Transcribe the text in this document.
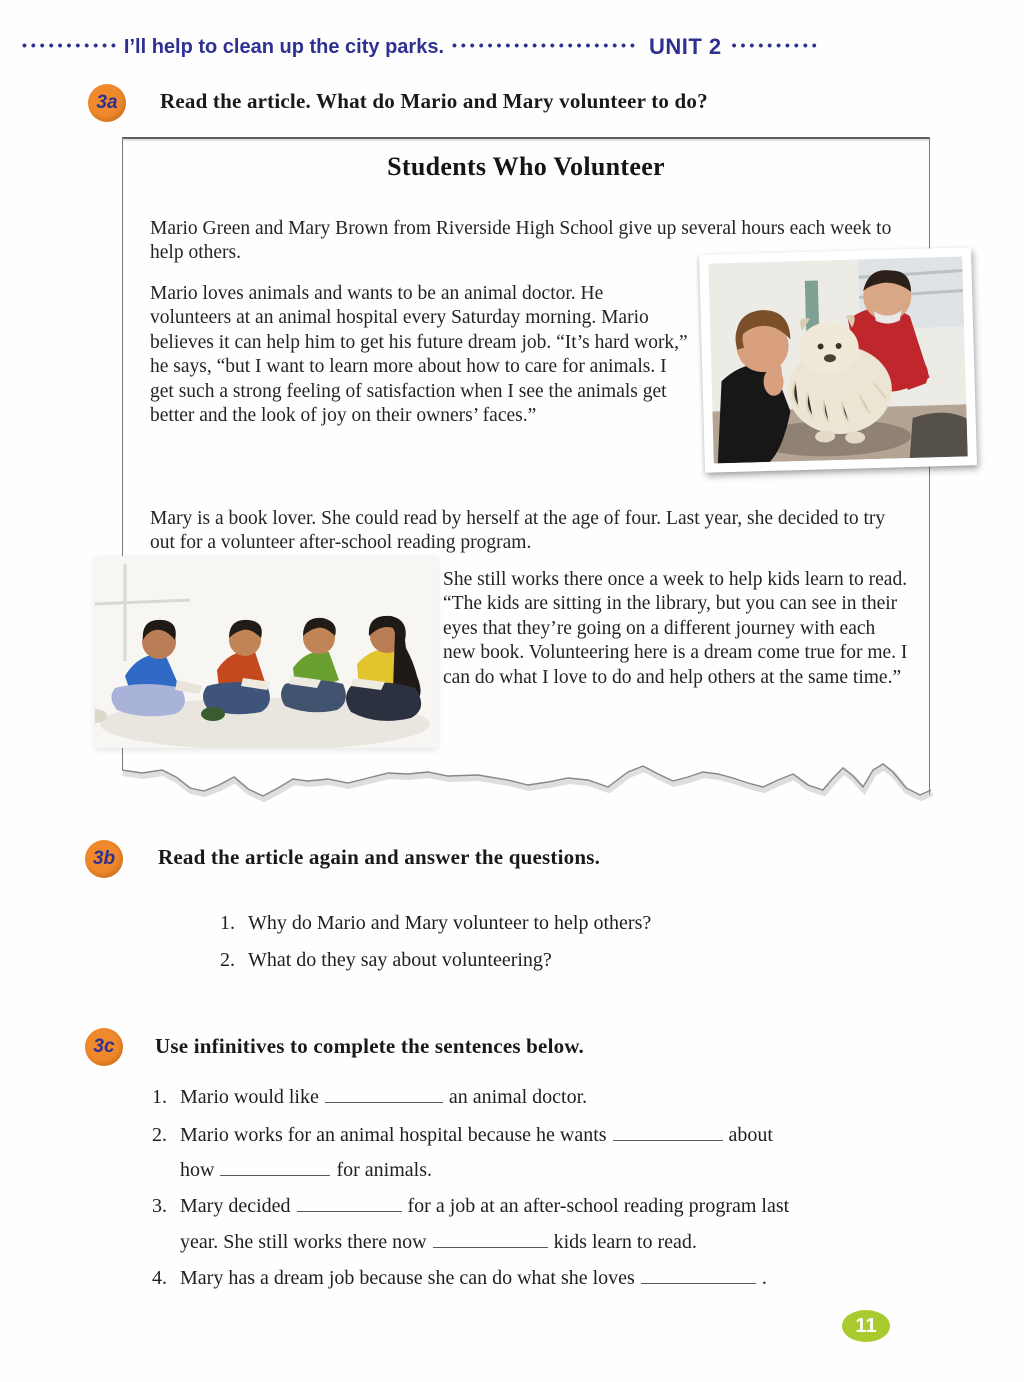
••••••••••• I’ll help to clean up the city parks. ••••••••••••••••••••• UNIT 2 ••••••••••
3a	Read the article. What do Mario and Mary volunteer to do?
Students Who Volunteer

Mario Green and Mary Brown from Riverside High School give up several hours each week to help others.

Mario loves animals and wants to be an animal doctor. He volunteers at an animal hospital every Saturday morning. Mario believes it can help him to get his future dream job. “It’s hard work,” he says, “but I want to learn more about how to care for animals. I get such a strong feeling of satisfaction when I see the animals get better and the look of joy on their owners’ faces.”

Mary is a book lover. She could read by herself at the age of four. Last year, she decided to try out for a volunteer after-school reading program.

She still works there once a week to help kids learn to read. “The kids are sitting in the library, but you can see in their eyes that they’re going on a different journey with each new book. Volunteering here is a dream come true for me. I can do what I love to do and help others at the same time.”

3b	Read the article again and answer the questions.
1. Why do Mario and Mary volunteer to help others?
2. What do they say about volunteering?
3c	Use infinitives to complete the sentences below.
1. Mario would like	an animal doctor.
2. Mario works for an animal hospital because he wants	about
how	for animals.
3. Mary decided	for a job at an after-school reading program last
year. She still works there now	kids learn to read.
4. Mary has a dream job because she can do what she loves	.
11
